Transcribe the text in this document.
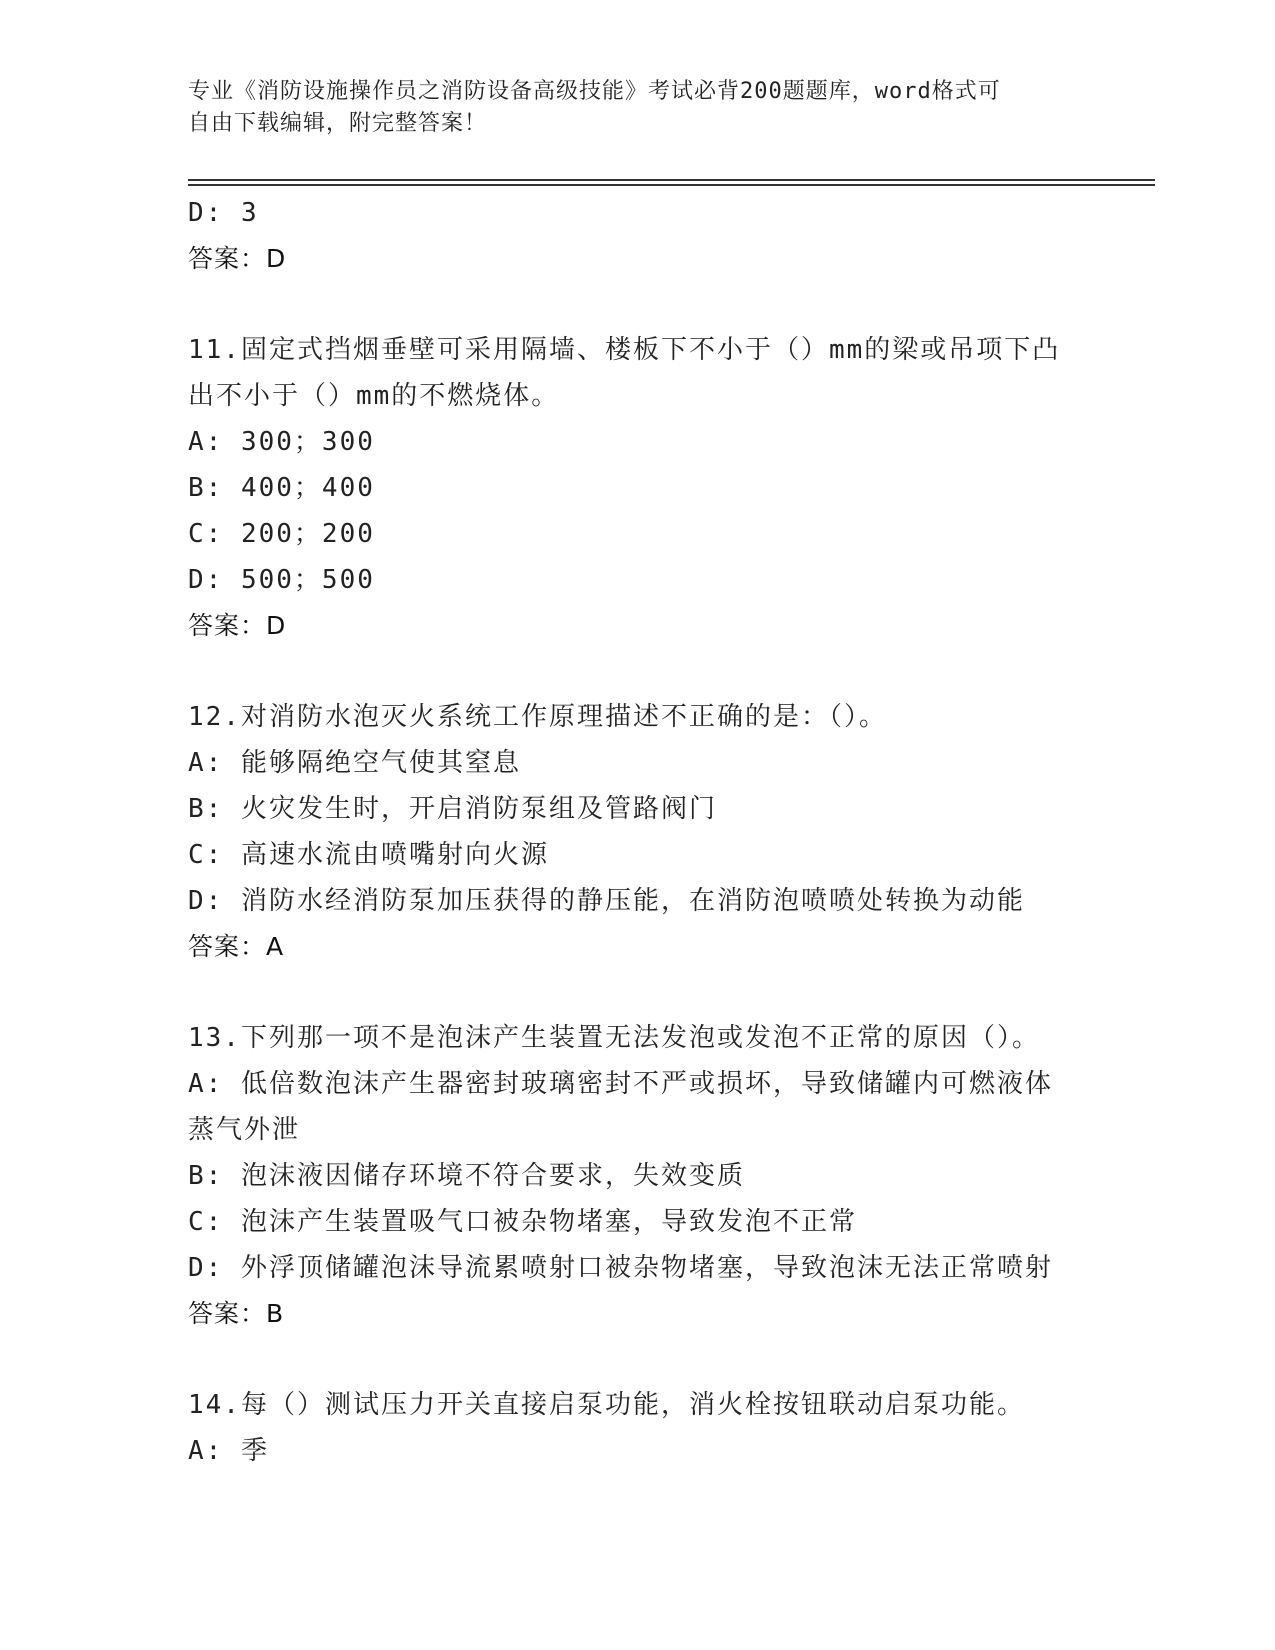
专业《消防设施操作员之消防设备高级技能》考试必背200题题库，word格式可
自由下载编辑，附完整答案！
D: 3
答案：D
11.固定式挡烟垂壁可采用隔墙、楼板下不小于（）mm的梁或吊项下凸
出不小于（）mm的不燃烧体。
A: 300；300
B: 400；400
C: 200；200
D: 500；500
答案：D
12.对消防水泡灭火系统工作原理描述不正确的是：（）。
A: 能够隔绝空气使其窒息
B: 火灾发生时，开启消防泵组及管路阀门
C: 高速水流由喷嘴射向火源
D: 消防水经消防泵加压获得的静压能，在消防泡喷喷处转换为动能
答案：A
13.下列那一项不是泡沫产生装置无法发泡或发泡不正常的原因（）。
A: 低倍数泡沫产生器密封玻璃密封不严或损坏，导致储罐内可燃液体
蒸气外泄
B: 泡沫液因储存环境不符合要求，失效变质
C: 泡沫产生装置吸气口被杂物堵塞，导致发泡不正常
D: 外浮顶储罐泡沫导流累喷射口被杂物堵塞，导致泡沫无法正常喷射
答案：B
14.每（）测试压力开关直接启泵功能，消火栓按钮联动启泵功能。
A: 季
